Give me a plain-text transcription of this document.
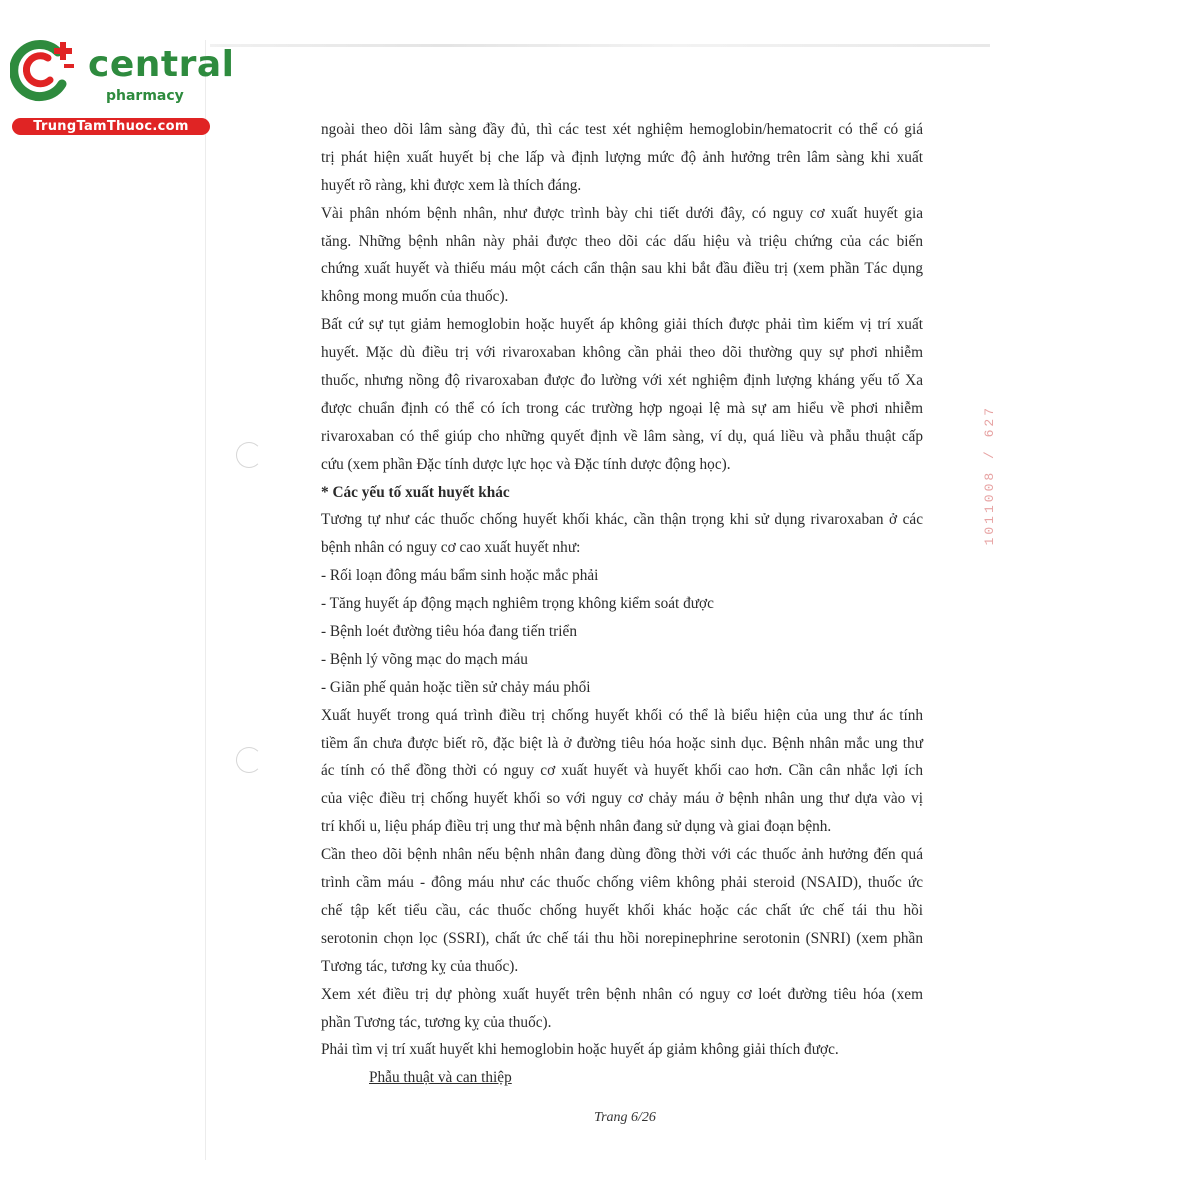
1011008 / 627
central
pharmacy
TrungTamThuoc.com	ngoài theo dõi lâm sàng đầy đủ, thì các test xét nghiệm hemoglobin/hematocrit có thể có giá
trị phát hiện xuất huyết bị che lấp và định lượng mức độ ảnh hưởng trên lâm sàng khi xuất
huyết rõ ràng, khi được xem là thích đáng.
Vài phân nhóm bệnh nhân, như được trình bày chi tiết dưới đây, có nguy cơ xuất huyết gia
tăng. Những bệnh nhân này phải được theo dõi các dấu hiệu và triệu chứng của các biến
chứng xuất huyết và thiếu máu một cách cẩn thận sau khi bắt đầu điều trị (xem phần Tác dụng
không mong muốn của thuốc).
Bất cứ sự tụt giảm hemoglobin hoặc huyết áp không giải thích được phải tìm kiếm vị trí xuất
huyết. Mặc dù điều trị với rivaroxaban không cần phải theo dõi thường quy sự phơi nhiễm
thuốc, nhưng nồng độ rivaroxaban được đo lường với xét nghiệm định lượng kháng yếu tố Xa
được chuẩn định có thể có ích trong các trường hợp ngoại lệ mà sự am hiểu về phơi nhiễm
rivaroxaban có thể giúp cho những quyết định về lâm sàng, ví dụ, quá liều và phẫu thuật cấp
cứu (xem phần Đặc tính dược lực học và Đặc tính dược động học).
* Các yếu tố xuất huyết khác
Tương tự như các thuốc chống huyết khối khác, cần thận trọng khi sử dụng rivaroxaban ở các
bệnh nhân có nguy cơ cao xuất huyết như:
- Rối loạn đông máu bẩm sinh hoặc mắc phải
- Tăng huyết áp động mạch nghiêm trọng không kiểm soát được
- Bệnh loét đường tiêu hóa đang tiến triển
- Bệnh lý võng mạc do mạch máu
- Giãn phế quản hoặc tiền sử chảy máu phổi
Xuất huyết trong quá trình điều trị chống huyết khối có thể là biểu hiện của ung thư ác tính
tiềm ẩn chưa được biết rõ, đặc biệt là ở đường tiêu hóa hoặc sinh dục. Bệnh nhân mắc ung thư
ác tính có thể đồng thời có nguy cơ xuất huyết và huyết khối cao hơn. Cần cân nhắc lợi ích
của việc điều trị chống huyết khối so với nguy cơ chảy máu ở bệnh nhân ung thư dựa vào vị
trí khối u, liệu pháp điều trị ung thư mà bệnh nhân đang sử dụng và giai đoạn bệnh.
Cần theo dõi bệnh nhân nếu bệnh nhân đang dùng đồng thời với các thuốc ảnh hưởng đến quá
trình cầm máu - đông máu như các thuốc chống viêm không phải steroid (NSAID), thuốc ức
chế tập kết tiểu cầu, các thuốc chống huyết khối khác hoặc các chất ức chế tái thu hồi
serotonin chọn lọc (SSRI), chất ức chế tái thu hồi norepinephrine serotonin (SNRI) (xem phần
Tương tác, tương kỵ của thuốc).
Xem xét điều trị dự phòng xuất huyết trên bệnh nhân có nguy cơ loét đường tiêu hóa (xem
phần Tương tác, tương kỵ của thuốc).
Phải tìm vị trí xuất huyết khi hemoglobin hoặc huyết áp giảm không giải thích được.
Phẫu thuật và can thiệp
Trang 6/26
